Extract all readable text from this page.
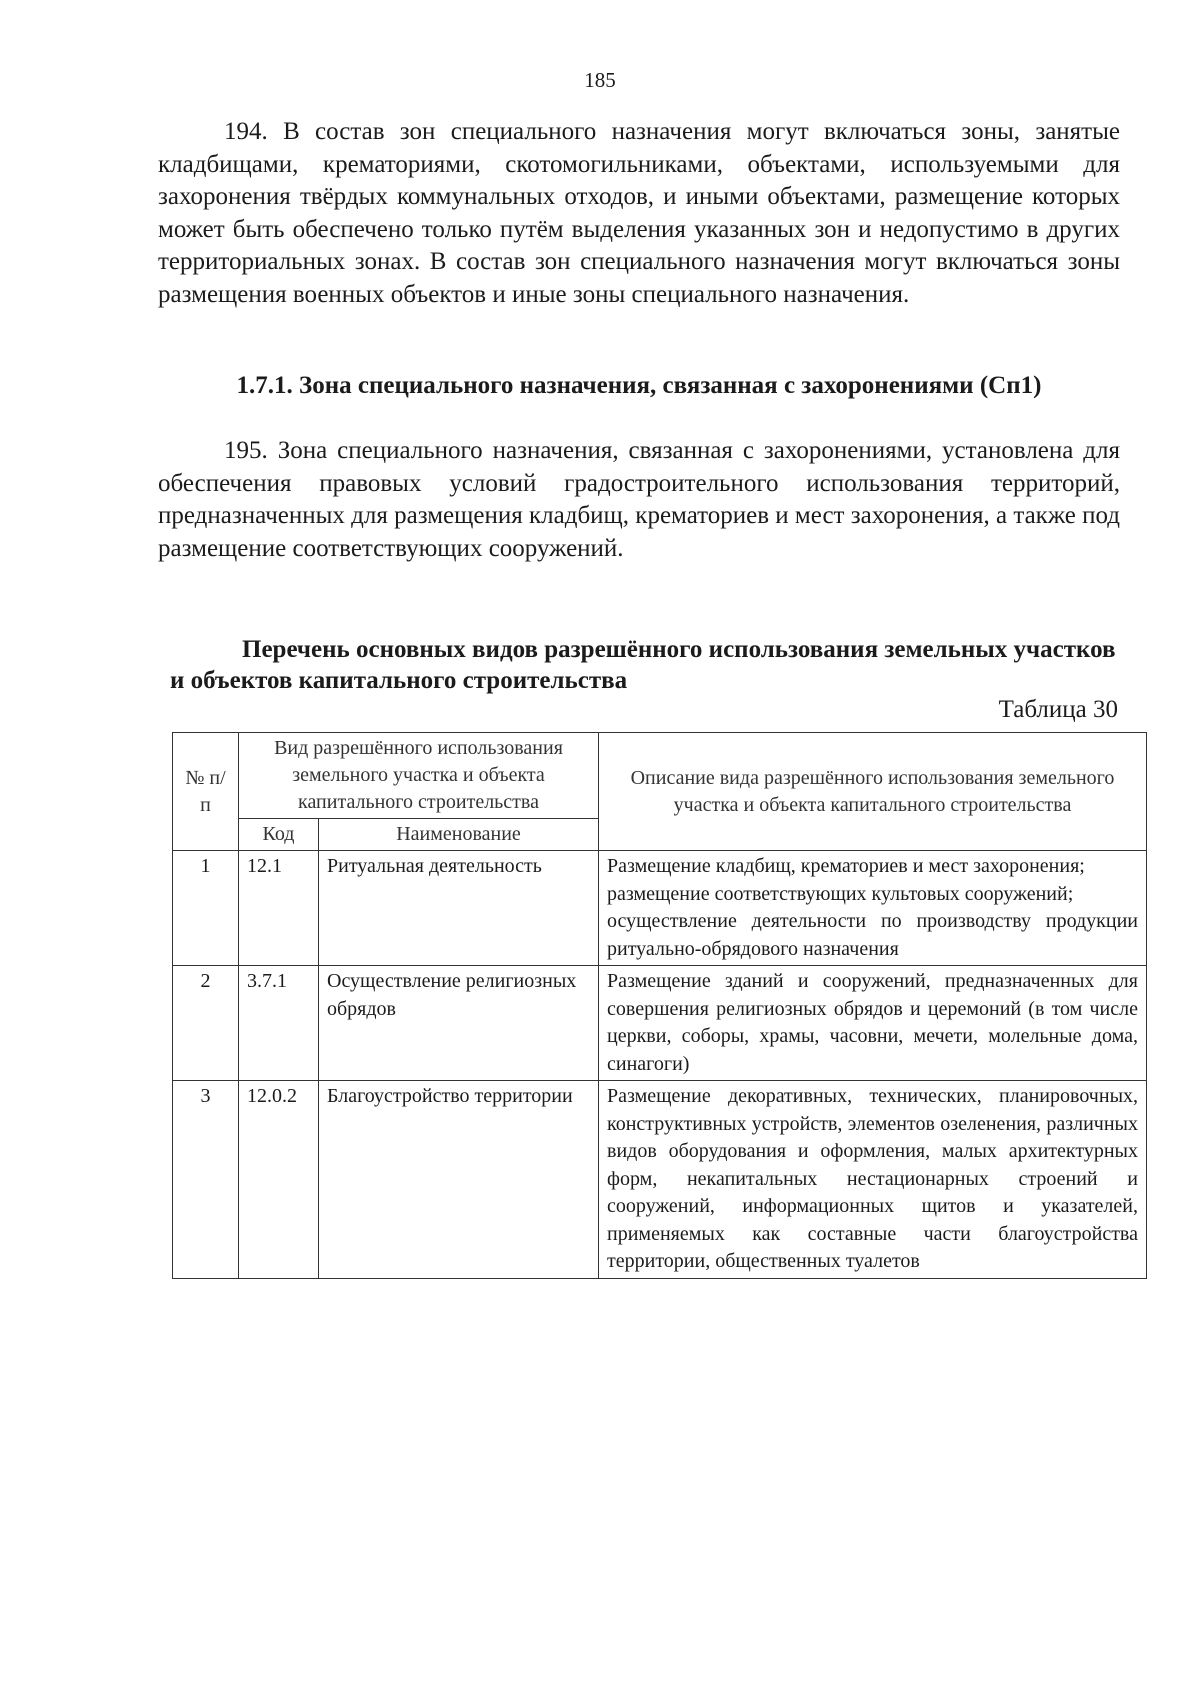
185

194. В состав зон специального назначения могут включаться зоны, занятые кладбищами, крематориями, скотомогильниками, объектами, используемыми для захоронения твёрдых коммунальных отходов, и иными объектами, размещение которых может быть обеспечено только путём выделения указанных зон и недопустимо в других территориальных зонах. В состав зон специального назначения могут включаться зоны размещения военных объектов и иные зоны специального назначения.

1.7.1. Зона специального назначения, связанная с захоронениями (Сп1)

195. Зона специального назначения, связанная с захоронениями, установлена для обеспечения правовых условий градостроительного использования территорий, предназначенных для размещения кладбищ, крематориев и мест захоронения, а также под размещение соответствующих сооружений.

Перечень основных видов разрешённого использования земельных участков и объектов капитального строительства
Таблица 30
№ п/п	Вид разрешённого использования земельного участка и объекта капитального строительства		Описание вида разрешённого использования земельного участка и объекта капитального строительства
	Код	Наименование	
1	12.1	Ритуальная деятельность	Размещение кладбищ, крематориев и мест захоронения;
размещение соответствующих культовых сооружений;
осуществление деятельности по производству продукции ритуально-обрядового назначения

2	3.7.1	Осуществление религиозных обрядов	Размещение зданий и сооружений, предназначенных для совершения религиозных обрядов и церемоний (в том числе церкви, соборы, храмы, часовни, мечети, молельные дома, синагоги)

3	12.0.2	Благоустройство территории	Размещение декоративных, технических, планировочных, конструктивных устройств, элементов озеленения, различных видов оборудования и оформления, малых архитектурных форм, некапитальных нестационарных строений и сооружений, информационных щитов и указателей, применяемых как составные части благоустройства территории, общественных туалетов
